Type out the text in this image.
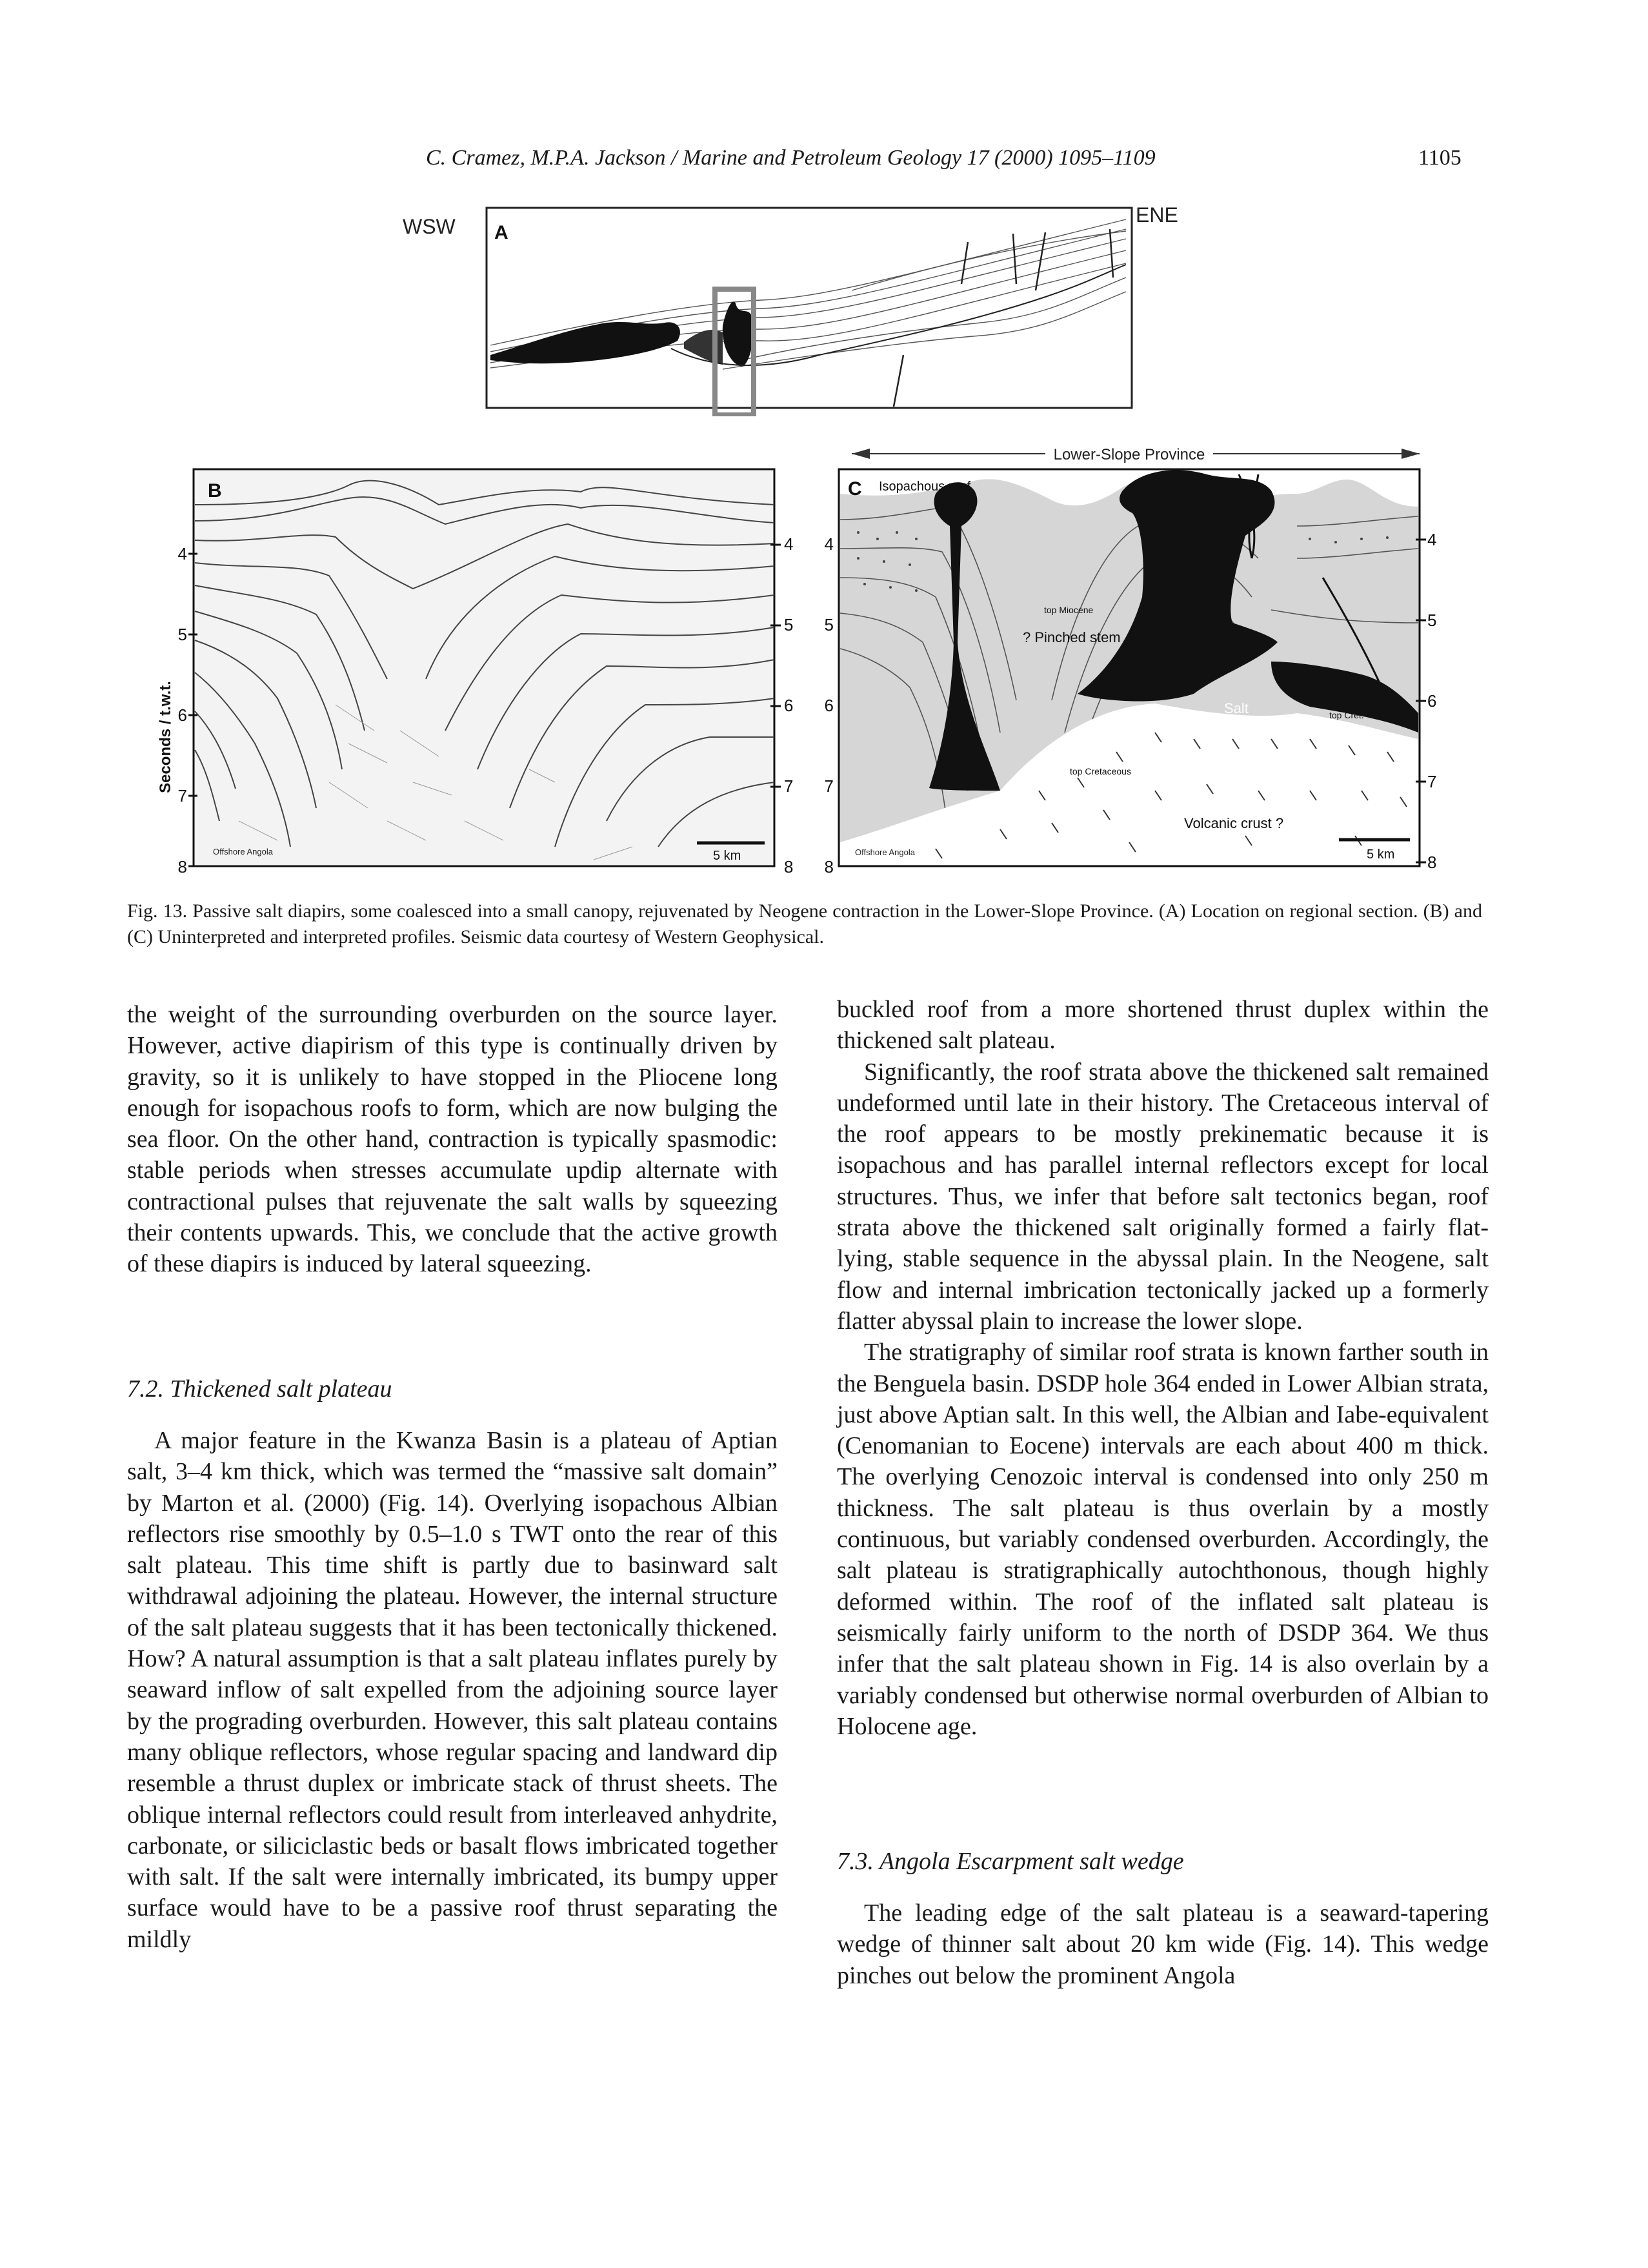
C. Cramez, M.P.A. Jackson / Marine and Petroleum Geology 17 (2000) 1095–1109	1105
WSW	ENE
A
Seconds / t.w.t.
B
4
5
6
7
8
4
5
6
7
8
Offshore Angola	5 km
Lower-Slope Province
C Isopachous roof
top Miocene
? Pinched stem	top Eoc.
Salt	top Cret.
top Cretaceous
Volcanic crust ?
4
5
6
7
8
4
5
6
7
8
Offshore Angola	5 km
Fig. 13. Passive salt diapirs, some coalesced into a small canopy, rejuvenated by Neogene contraction in the Lower-Slope Province. (A) Location on regional section. (B) and (C) Uninterpreted and interpreted profiles. Seismic data courtesy of Western Geophysical.

the weight of the surrounding overburden on the source layer. However, active diapirism of this type is continually driven by gravity, so it is unlikely to have stopped in the Pliocene long enough for isopachous roofs to form, which are now bulging the sea floor. On the other hand, contraction is typically spasmodic: stable periods when stresses accumulate updip alternate with contractional pulses that rejuvenate the salt walls by squeezing their contents upwards. This, we conclude that the active growth of these diapirs is induced by lateral squeezing.

7.2. Thickened salt plateau

A major feature in the Kwanza Basin is a plateau of Aptian salt, 3–4 km thick, which was termed the “massive salt domain” by Marton et al. (2000) (Fig. 14). Overlying isopachous Albian reflectors rise smoothly by 0.5–1.0 s TWT onto the rear of this salt plateau. This time shift is partly due to basinward salt withdrawal adjoining the plateau. However, the internal structure of the salt plateau suggests that it has been tectonically thickened. How? A natural assumption is that a salt plateau inflates purely by seaward inflow of salt expelled from the adjoining source layer by the prograding overburden. However, this salt plateau contains many oblique reflectors, whose regular spacing and landward dip resemble a thrust duplex or imbricate stack of thrust sheets. The oblique internal reflectors could result from interleaved anhydrite, carbonate, or siliciclastic beds or basalt flows imbricated together with salt. If the salt were internally imbricated, its bumpy upper surface would have to be a passive roof thrust separating the mildly

buckled roof from a more shortened thrust duplex within the thickened salt plateau.

Significantly, the roof strata above the thickened salt remained undeformed until late in their history. The Cretaceous interval of the roof appears to be mostly prekinematic because it is isopachous and has parallel internal reflectors except for local structures. Thus, we infer that before salt tectonics began, roof strata above the thickened salt originally formed a fairly flat-lying, stable sequence in the abyssal plain. In the Neogene, salt flow and internal imbrication tectonically jacked up a formerly flatter abyssal plain to increase the lower slope.

The stratigraphy of similar roof strata is known farther south in the Benguela basin. DSDP hole 364 ended in Lower Albian strata, just above Aptian salt. In this well, the Albian and Iabe-equivalent (Cenomanian to Eocene) intervals are each about 400 m thick. The overlying Cenozoic interval is condensed into only 250 m thickness. The salt plateau is thus overlain by a mostly continuous, but variably condensed overburden. Accordingly, the salt plateau is stratigraphically autochthonous, though highly deformed within. The roof of the inflated salt plateau is seismically fairly uniform to the north of DSDP 364. We thus infer that the salt plateau shown in Fig. 14 is also overlain by a variably condensed but otherwise normal overburden of Albian to Holocene age.

7.3. Angola Escarpment salt wedge

The leading edge of the salt plateau is a seaward-tapering wedge of thinner salt about 20 km wide (Fig. 14). This wedge pinches out below the prominent Angola
